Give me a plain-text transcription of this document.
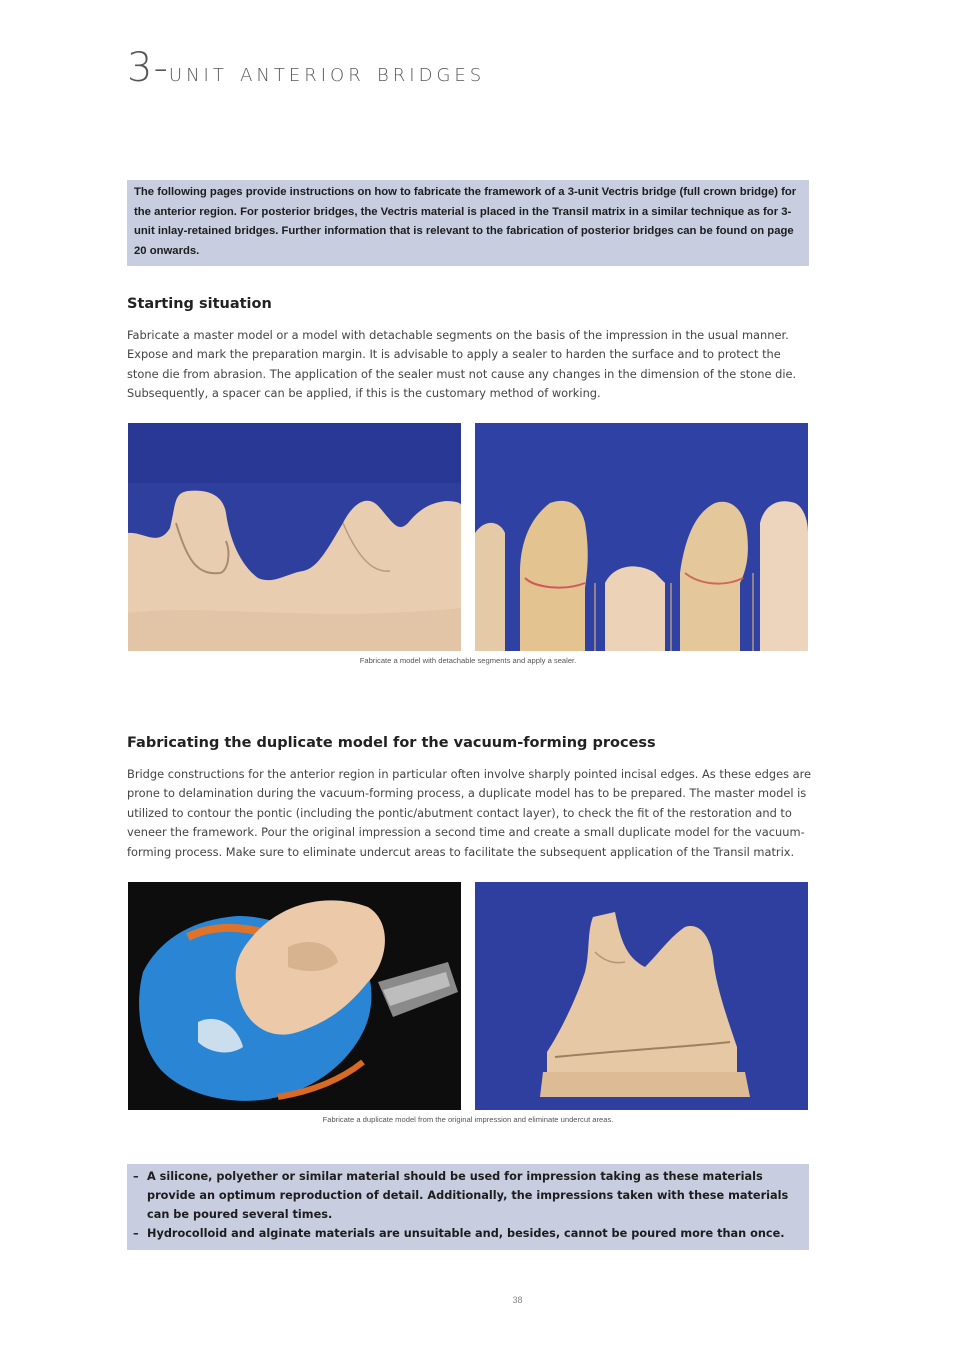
3-unit anterior bridges

The following pages provide instructions on how to fabricate the framework of a 3-unit Vectris bridge (full crown bridge) for the anterior region. For posterior bridges, the Vectris material is placed in the Transil matrix in a similar technique as for 3-unit inlay-retained bridges. Further information that is relevant to the fabrication of posterior bridges can be found on page 20 onwards.

Starting situation

Fabricate a master model or a model with detachable segments on the basis of the impression in the usual manner. Expose and mark the preparation margin. It is advisable to apply a sealer to harden the surface and to protect the stone die from abrasion. The application of the sealer must not cause any changes in the dimension of the stone die. Subsequently, a spacer can be applied, if this is the customary method of working.

Fabricate a model with detachable segments and apply a sealer.

Fabricating the duplicate model for the vacuum-forming process

Bridge constructions for the anterior region in particular often involve sharply pointed incisal edges. As these edges are prone to delamination during the vacuum-forming process, a duplicate model has to be prepared. The master model is utilized to contour the pontic (including the pontic/abutment contact layer), to check the fit of the restoration and to veneer the framework. Pour the original impression a second time and create a small duplicate model for the vacuum-forming process. Make sure to eliminate undercut areas to facilitate the subsequent application of the Transil matrix.

Fabricate a duplicate model from the original impression and eliminate undercut areas.

– A silicone, polyether or similar material should be used for impression taking as these materials provide an optimum reproduction of detail. Additionally, the impressions taken with these materials can be poured several times.
– Hydrocolloid and alginate materials are unsuitable and, besides, cannot be poured more than once.

38
